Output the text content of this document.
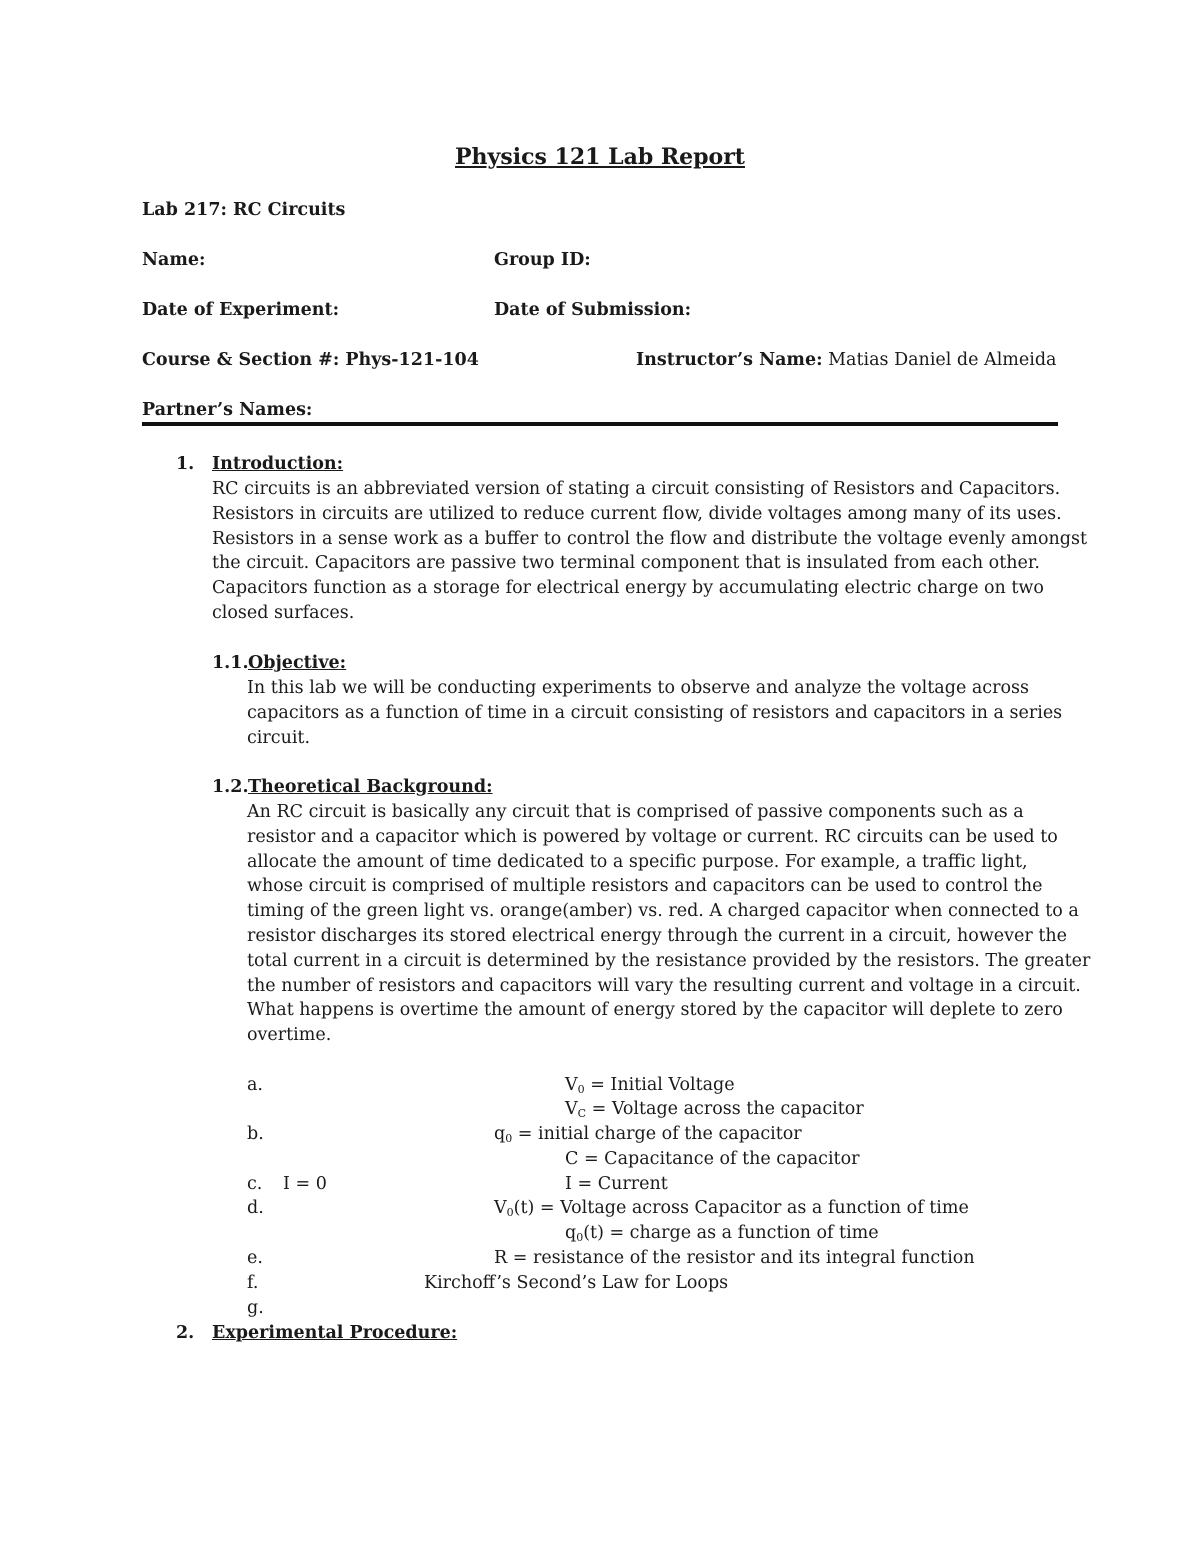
Physics 121 Lab Report
Lab 217: RC Circuits
Name:	Group ID:
Date of Experiment:	Date of Submission:
Course & Section #: Phys-121-104	Instructor’s Name: Matias Daniel de Almeida
Partner’s Names:
1. Introduction:
RC circuits is an abbreviated version of stating a circuit consisting of Resistors and Capacitors.
Resistors in circuits are utilized to reduce current flow, divide voltages among many of its uses.
Resistors in a sense work as a buffer to control the flow and distribute the voltage evenly amongst
the circuit. Capacitors are passive two terminal component that is insulated from each other.
Capacitors function as a storage for electrical energy by accumulating electric charge on two
closed surfaces.
1.1. Objective:
In this lab we will be conducting experiments to observe and analyze the voltage across
capacitors as a function of time in a circuit consisting of resistors and capacitors in a series
circuit.
1.2. Theoretical Background:
An RC circuit is basically any circuit that is comprised of passive components such as a
resistor and a capacitor which is powered by voltage or current. RC circuits can be used to
allocate the amount of time dedicated to a specific purpose. For example, a traffic light,
whose circuit is comprised of multiple resistors and capacitors can be used to control the
timing of the green light vs. orange(amber) vs. red. A charged capacitor when connected to a
resistor discharges its stored electrical energy through the current in a circuit, however the
total current in a circuit is determined by the resistance provided by the resistors. The greater
the number of resistors and capacitors will vary the resulting current and voltage in a circuit.
What happens is overtime the amount of energy stored by the capacitor will deplete to zero
overtime.
a.	$V_0$ = Initial Voltage
$V_C$ = Voltage across the capacitor
b.	$q_0$ = initial charge of the capacitor
C = Capacitance of the capacitor
c. I = 0	I = Current
d.	$V_0(t)$ = Voltage across Capacitor as a function of time
$q_0(t)$ = charge as a function of time
e.	R = resistance of the resistor and its integral function
f.	Kirchoff’s Second’s Law for Loops
g.
2. Experimental Procedure:
